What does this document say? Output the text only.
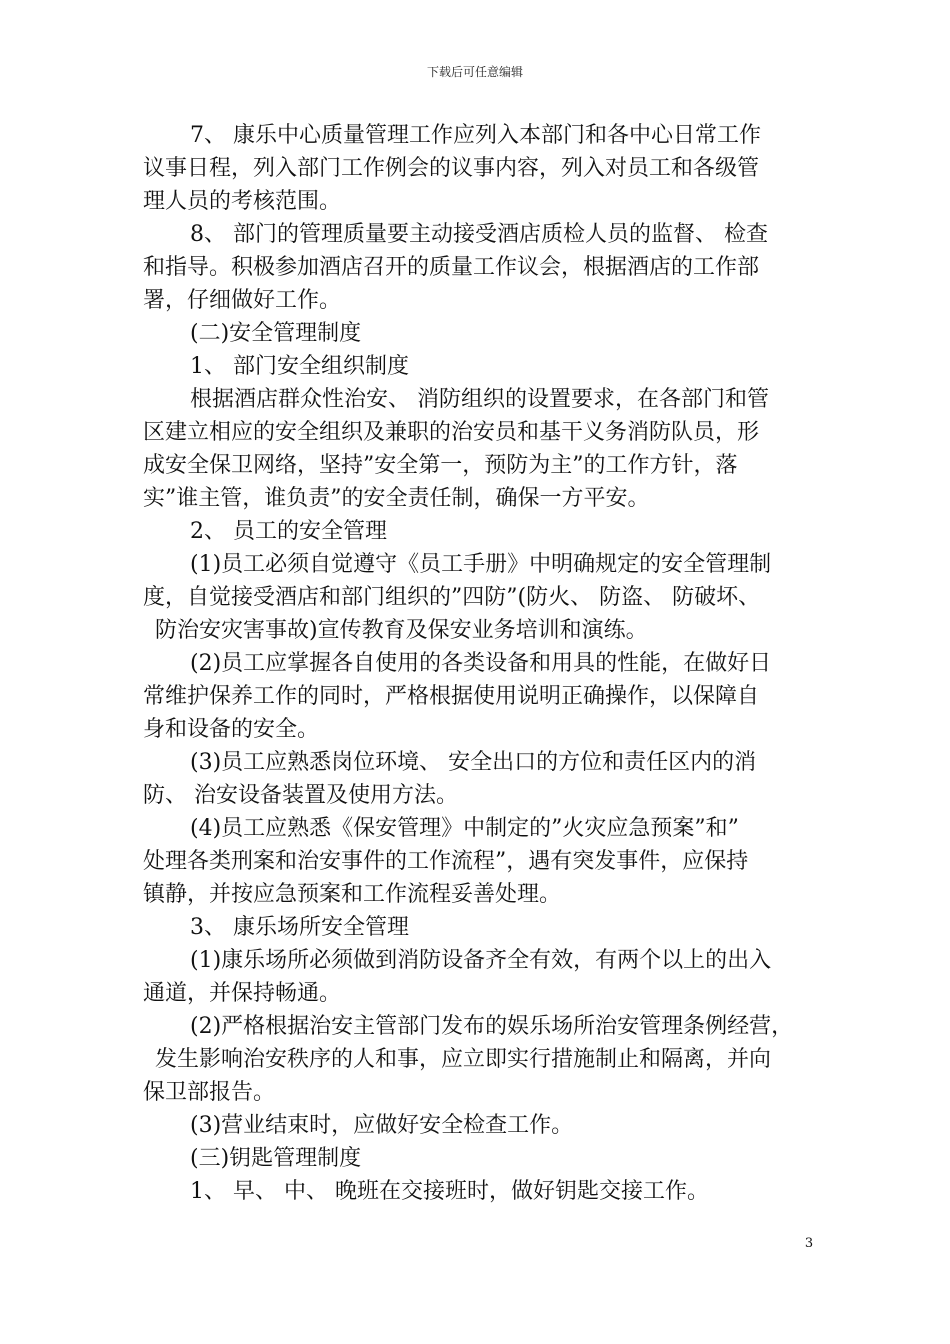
下载后可任意编辑

7、 康乐中心质量管理工作应列入本部门和各中心日常工作

议事日程，列入部门工作例会的议事内容，列入对员工和各级管

理人员的考核范围。

8、 部门的管理质量要主动接受酒店质检人员的监督、 检查

和指导。积极参加酒店召开的质量工作议会，根据酒店的工作部

署，仔细做好工作。

(二)安全管理制度

1、 部门安全组织制度

根据酒店群众性治安、 消防组织的设置要求，在各部门和管

区建立相应的安全组织及兼职的治安员和基干义务消防队员，形

成安全保卫网络，坚持”安全第一，预防为主”的工作方针，落

实”谁主管，谁负责”的安全责任制，确保一方平安。

2、 员工的安全管理

(1)员工必须自觉遵守《员工手册》中明确规定的安全管理制

度，自觉接受酒店和部门组织的”四防”(防火、 防盗、 防破坏、

防治安灾害事故)宣传教育及保安业务培训和演练。

(2)员工应掌握各自使用的各类设备和用具的性能，在做好日

常维护保养工作的同时，严格根据使用说明正确操作，以保障自

身和设备的安全。

(3)员工应熟悉岗位环境、 安全出口的方位和责任区内的消

防、 治安设备装置及使用方法。

(4)员工应熟悉《保安管理》中制定的”火灾应急预案”和”

处理各类刑案和治安事件的工作流程”，遇有突发事件，应保持

镇静，并按应急预案和工作流程妥善处理。

3、 康乐场所安全管理

(1)康乐场所必须做到消防设备齐全有效，有两个以上的出入

通道，并保持畅通。

(2)严格根据治安主管部门发布的娱乐场所治安管理条例经营，

发生影响治安秩序的人和事，应立即实行措施制止和隔离，并向

保卫部报告。

(3)营业结束时，应做好安全检查工作。

(三)钥匙管理制度

1、 早、 中、 晚班在交接班时，做好钥匙交接工作。

3
